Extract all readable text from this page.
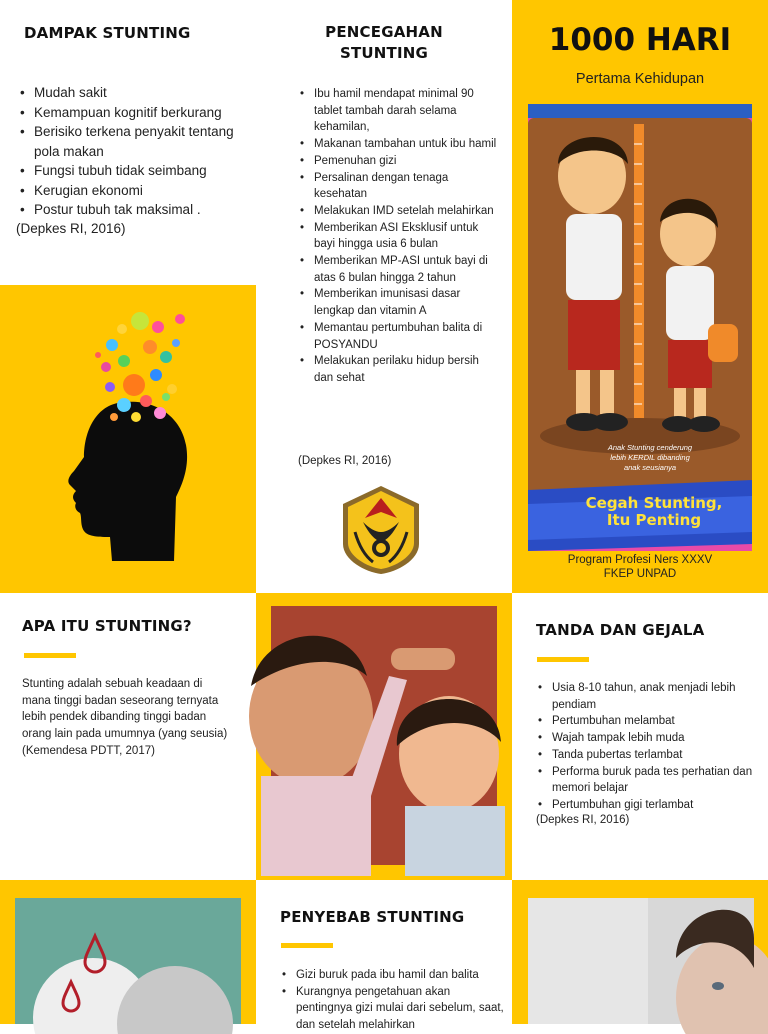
DAMPAK STUNTING
• Mudah sakit
• Kemampuan kognitif berkurang
• Berisiko terkena penyakit tentang pola makan
• Fungsi tubuh tidak seimbang
• Kerugian ekonomi
• Postur tubuh tak maksimal .
(Depkes RI, 2016)
PENCEGAHAN
STUNTING
• Ibu hamil mendapat minimal 90 tablet tambah darah selama kehamilan,
• Makanan tambahan untuk ibu hamil
• Pemenuhan gizi
• Persalinan dengan tenaga kesehatan
• Melakukan IMD setelah melahirkan
• Memberikan ASI Eksklusif untuk bayi hingga usia 6 bulan
• Memberikan MP-ASI untuk bayi di atas 6 bulan hingga 2 tahun
• Memberikan imunisasi dasar lengkap dan vitamin A
• Memantau pertumbuhan balita di POSYANDU
• Melakukan perilaku hidup bersih dan sehat
(Depkes RI, 2016)
1000 HARI
Pertama Kehidupan
Anak Stunting cenderung
lebih KERDIL dibanding
anak seusianya
Cegah Stunting,
Itu Penting
Program Profesi Ners XXXV
FKEP UNPAD
APA ITU STUNTING?

Stunting adalah sebuah keadaan di mana tinggi badan seseorang ternyata lebih pendek dibanding tinggi badan orang lain pada umumnya (yang seusia) (Kemendesa PDTT, 2017)

TANDA DAN GEJALA
• Usia 8-10 tahun, anak menjadi lebih pendiam
• Pertumbuhan melambat
• Wajah tampak lebih muda
• Tanda pubertas terlambat
• Performa buruk pada tes perhatian dan memori belajar
• Pertumbuhan gigi terlambat
(Depkes RI, 2016)
PENYEBAB STUNTING
• Gizi buruk pada ibu hamil dan balita
• Kurangnya pengetahuan akan pentingnya gizi mulai dari sebelum, saat, dan setelah melahirkan
